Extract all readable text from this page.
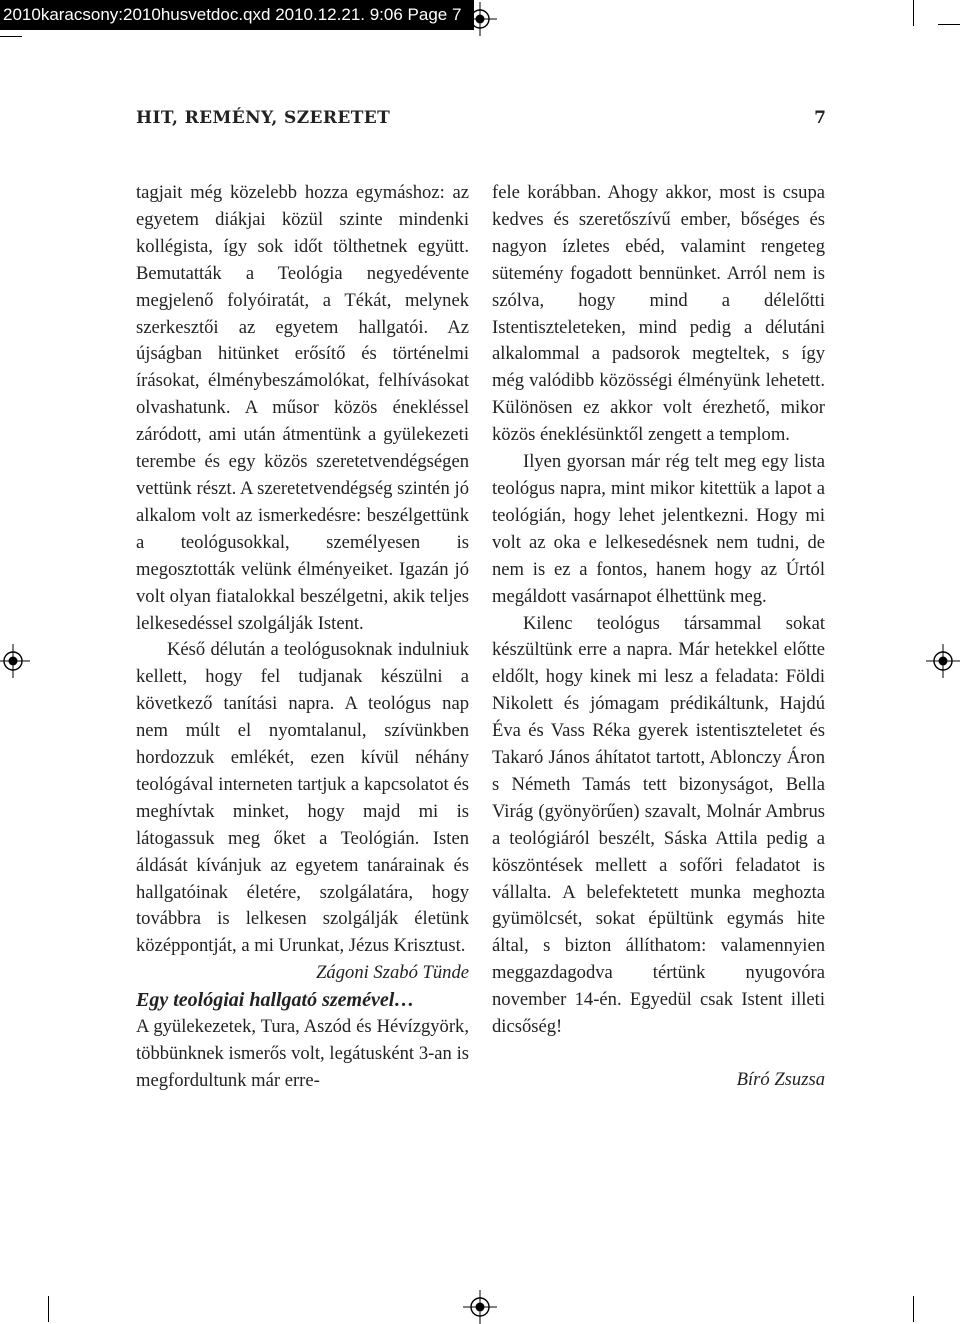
2010karacsony:2010husvetdoc.qxd 2010.12.21. 9:06 Page 7
HIT, REMÉNY, SZERETET	7

tagjait még közelebb hozza egymáshoz: az egyetem diákjai közül szinte mindenki kollégista, így sok időt tölthetnek együtt. Bemutatták a Teológia negyedévente megjelenő folyóiratát, a Tékát, melynek szerkesztői az egyetem hallgatói. Az újságban hitünket erősítő és történelmi írásokat, élménybeszámolókat, felhívásokat olvashatunk. A műsor közös énekléssel záródott, ami után átmentünk a gyülekezeti terembe és egy közös szeretetvendégségen vettünk részt. A szeretetvendégség szintén jó alkalom volt az ismerkedésre: beszélgettünk a teológusokkal, személyesen is megosztották velünk élményeiket. Igazán jó volt olyan fiatalokkal beszélgetni, akik teljes lelkesedéssel szolgálják Istent.

Késő délután a teológusoknak indulniuk kellett, hogy fel tudjanak készülni a következő tanítási napra. A teológus nap nem múlt el nyomtalanul, szívünkben hordozzuk emlékét, ezen kívül néhány teológával interneten tartjuk a kapcsolatot és meghívtak minket, hogy majd mi is látogassuk meg őket a Teológián. Isten áldását kívánjuk az egyetem tanárainak és hallgatóinak életére, szolgálatára, hogy továbbra is lelkesen szolgálják életünk középpontját, a mi Urunkat, Jézus Krisztust.

Zágoni Szabó Tünde

Egy teológiai hallgató szemével…

A gyülekezetek, Tura, Aszód és Hévízgyörk, többünknek ismerős volt, legátusként 3-an is megfordultunk már erre-

fele korábban. Ahogy akkor, most is csupa kedves és szeretőszívű ember, bőséges és nagyon ízletes ebéd, valamint rengeteg sütemény fogadott bennünket. Arról nem is szólva, hogy mind a délelőtti Istentiszteleteken, mind pedig a délutáni alkalommal a padsorok megteltek, s így még valódibb közösségi élményünk lehetett. Különösen ez akkor volt érezhető, mikor közös éneklésünktől zengett a templom.

Ilyen gyorsan már rég telt meg egy lista teológus napra, mint mikor kitettük a lapot a teológián, hogy lehet jelentkezni. Hogy mi volt az oka e lelkesedésnek nem tudni, de nem is ez a fontos, hanem hogy az Úrtól megáldott vasárnapot élhettünk meg.

Kilenc teológus társammal sokat készültünk erre a napra. Már hetekkel előtte eldőlt, hogy kinek mi lesz a feladata: Földi Nikolett és jómagam prédikáltunk, Hajdú Éva és Vass Réka gyerek istentiszteletet és Takaró János áhítatot tartott, Ablonczy Áron s Németh Tamás tett bizonyságot, Bella Virág (gyönyörűen) szavalt, Molnár Ambrus a teológiáról beszélt, Sáska Attila pedig a köszöntések mellett a sofőri feladatot is vállalta. A belefektetett munka meghozta gyümölcsét, sokat épültünk egymás hite által, s bizton állíthatom: valamennyien meggazdagodva tértünk nyugovóra november 14-én. Egyedül csak Istent illeti dicsőség!

Bíró Zsuzsa
